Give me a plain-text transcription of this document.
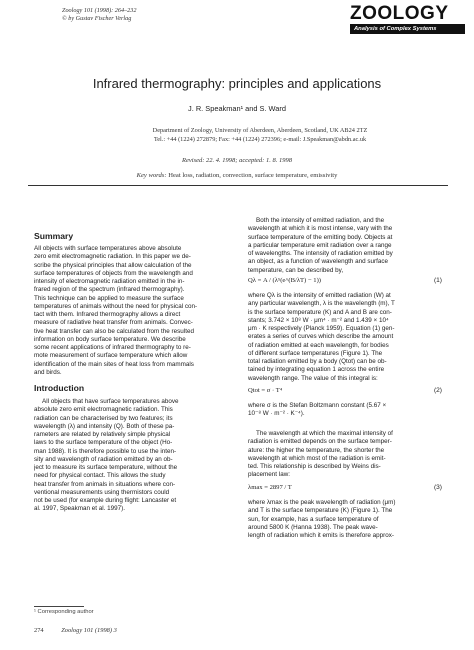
Zoology 101 (1998): 264–232
© by Gustav Fischer Verlag	ZOOLOGY
Analysis of Complex Systems
Infrared thermography: principles and applications
J. R. Speakman¹ and S. Ward
Department of Zoology, University of Aberdeen, Aberdeen, Scotland, UK AB24 2TZ
Tel.: +44 (1224) 272879; Fax: +44 (1224) 272396; e-mail: J.Speakman@abdn.ac.uk
Revised: 22. 4. 1998; accepted: 1. 8. 1998
Key words: Heat loss, radiation, convection, surface temperature, emissivity
Summary
All objects with surface temperatures above absolute
zero emit electromagnetic radiation. In this paper we de-
scribe the physical principles that allow calculation of the
surface temperatures of objects from the wavelength and
intensity of electromagnetic radiation emitted in the in-
frared region of the spectrum (infrared thermography).
This technique can be applied to measure the surface
temperatures of animals without the need for physical con-
tact with them. Infrared thermography allows a direct
measure of radiative heat transfer from animals. Convec-
tive heat transfer can also be calculated from the resulted
information on body surface temperature. We describe
some recent applications of infrared thermography to re-
mote measurement of surface temperature which allow
identification of the main sites of heat loss from mammals
and birds.
Introduction
All objects that have surface temperatures above
absolute zero emit electromagnetic radiation. This
radiation can be characterised by two features; its
wavelength (λ) and intensity (Q). Both of these pa-
rameters are related by relatively simple physical
laws to the surface temperature of the object (Ho-
man 1988). It is therefore possible to use the inten-
sity and wavelength of radiation emitted by an ob-
ject to measure its surface temperature, without the
need for physical contact. This allows the study
heat transfer from animals in situations where con-
ventional measurements using thermistors could
not be used (for example during flight: Lancaster et
al. 1997, Speakman et al. 1997).
Both the intensity of emitted radiation, and the
wavelength at which it is most intense, vary with the
surface temperature of the emitting body. Objects at
a particular temperature emit radiation over a range
of wavelengths. The intensity of radiation emitted by
an object, as a function of wavelength and surface
temperature, can be described by,
Qλ = A / (λ⁵(e^(B/λT) − 1))	(1)
where Qλ is the intensity of emitted radiation (W) at
any particular wavelength, λ is the wavelength (m), T
is the surface temperature (K) and A and B are con-
stants; 3.742 × 10⁸ W · μm⁴ · m⁻² and 1.439 × 10⁴
μm · K respectively (Planck 1959). Equation (1) gen-
erates a series of curves which describe the amount
of radiation emitted at each wavelength, for bodies
of different surface temperatures (Figure 1). The
total radiation emitted by a body (Qtot) can be ob-
tained by integrating equation 1 across the entire
wavelength range. The value of this integral is:
Qtot = σ · T⁴	(2)
where σ is the Stefan Boltzmann constant (5.67 ×
10⁻⁸ W · m⁻² · K⁻⁴).
The wavelength at which the maximal intensity of
radiation is emitted depends on the surface temper-
ature: the higher the temperature, the shorter the
wavelength at which most of the radiation is emit-
ted. This relationship is described by Weins dis-
placement law:
λmax = 2897 / T	(3)
where λmax is the peak wavelength of radiation (μm)
and T is the surface temperature (K) (Figure 1). The
sun, for example, has a surface temperature of
around 5800 K (Hanna 1938). The peak wave-
length of radiation which it emits is therefore approx-
¹ Corresponding author
274	Zoology 101 (1998) 3
